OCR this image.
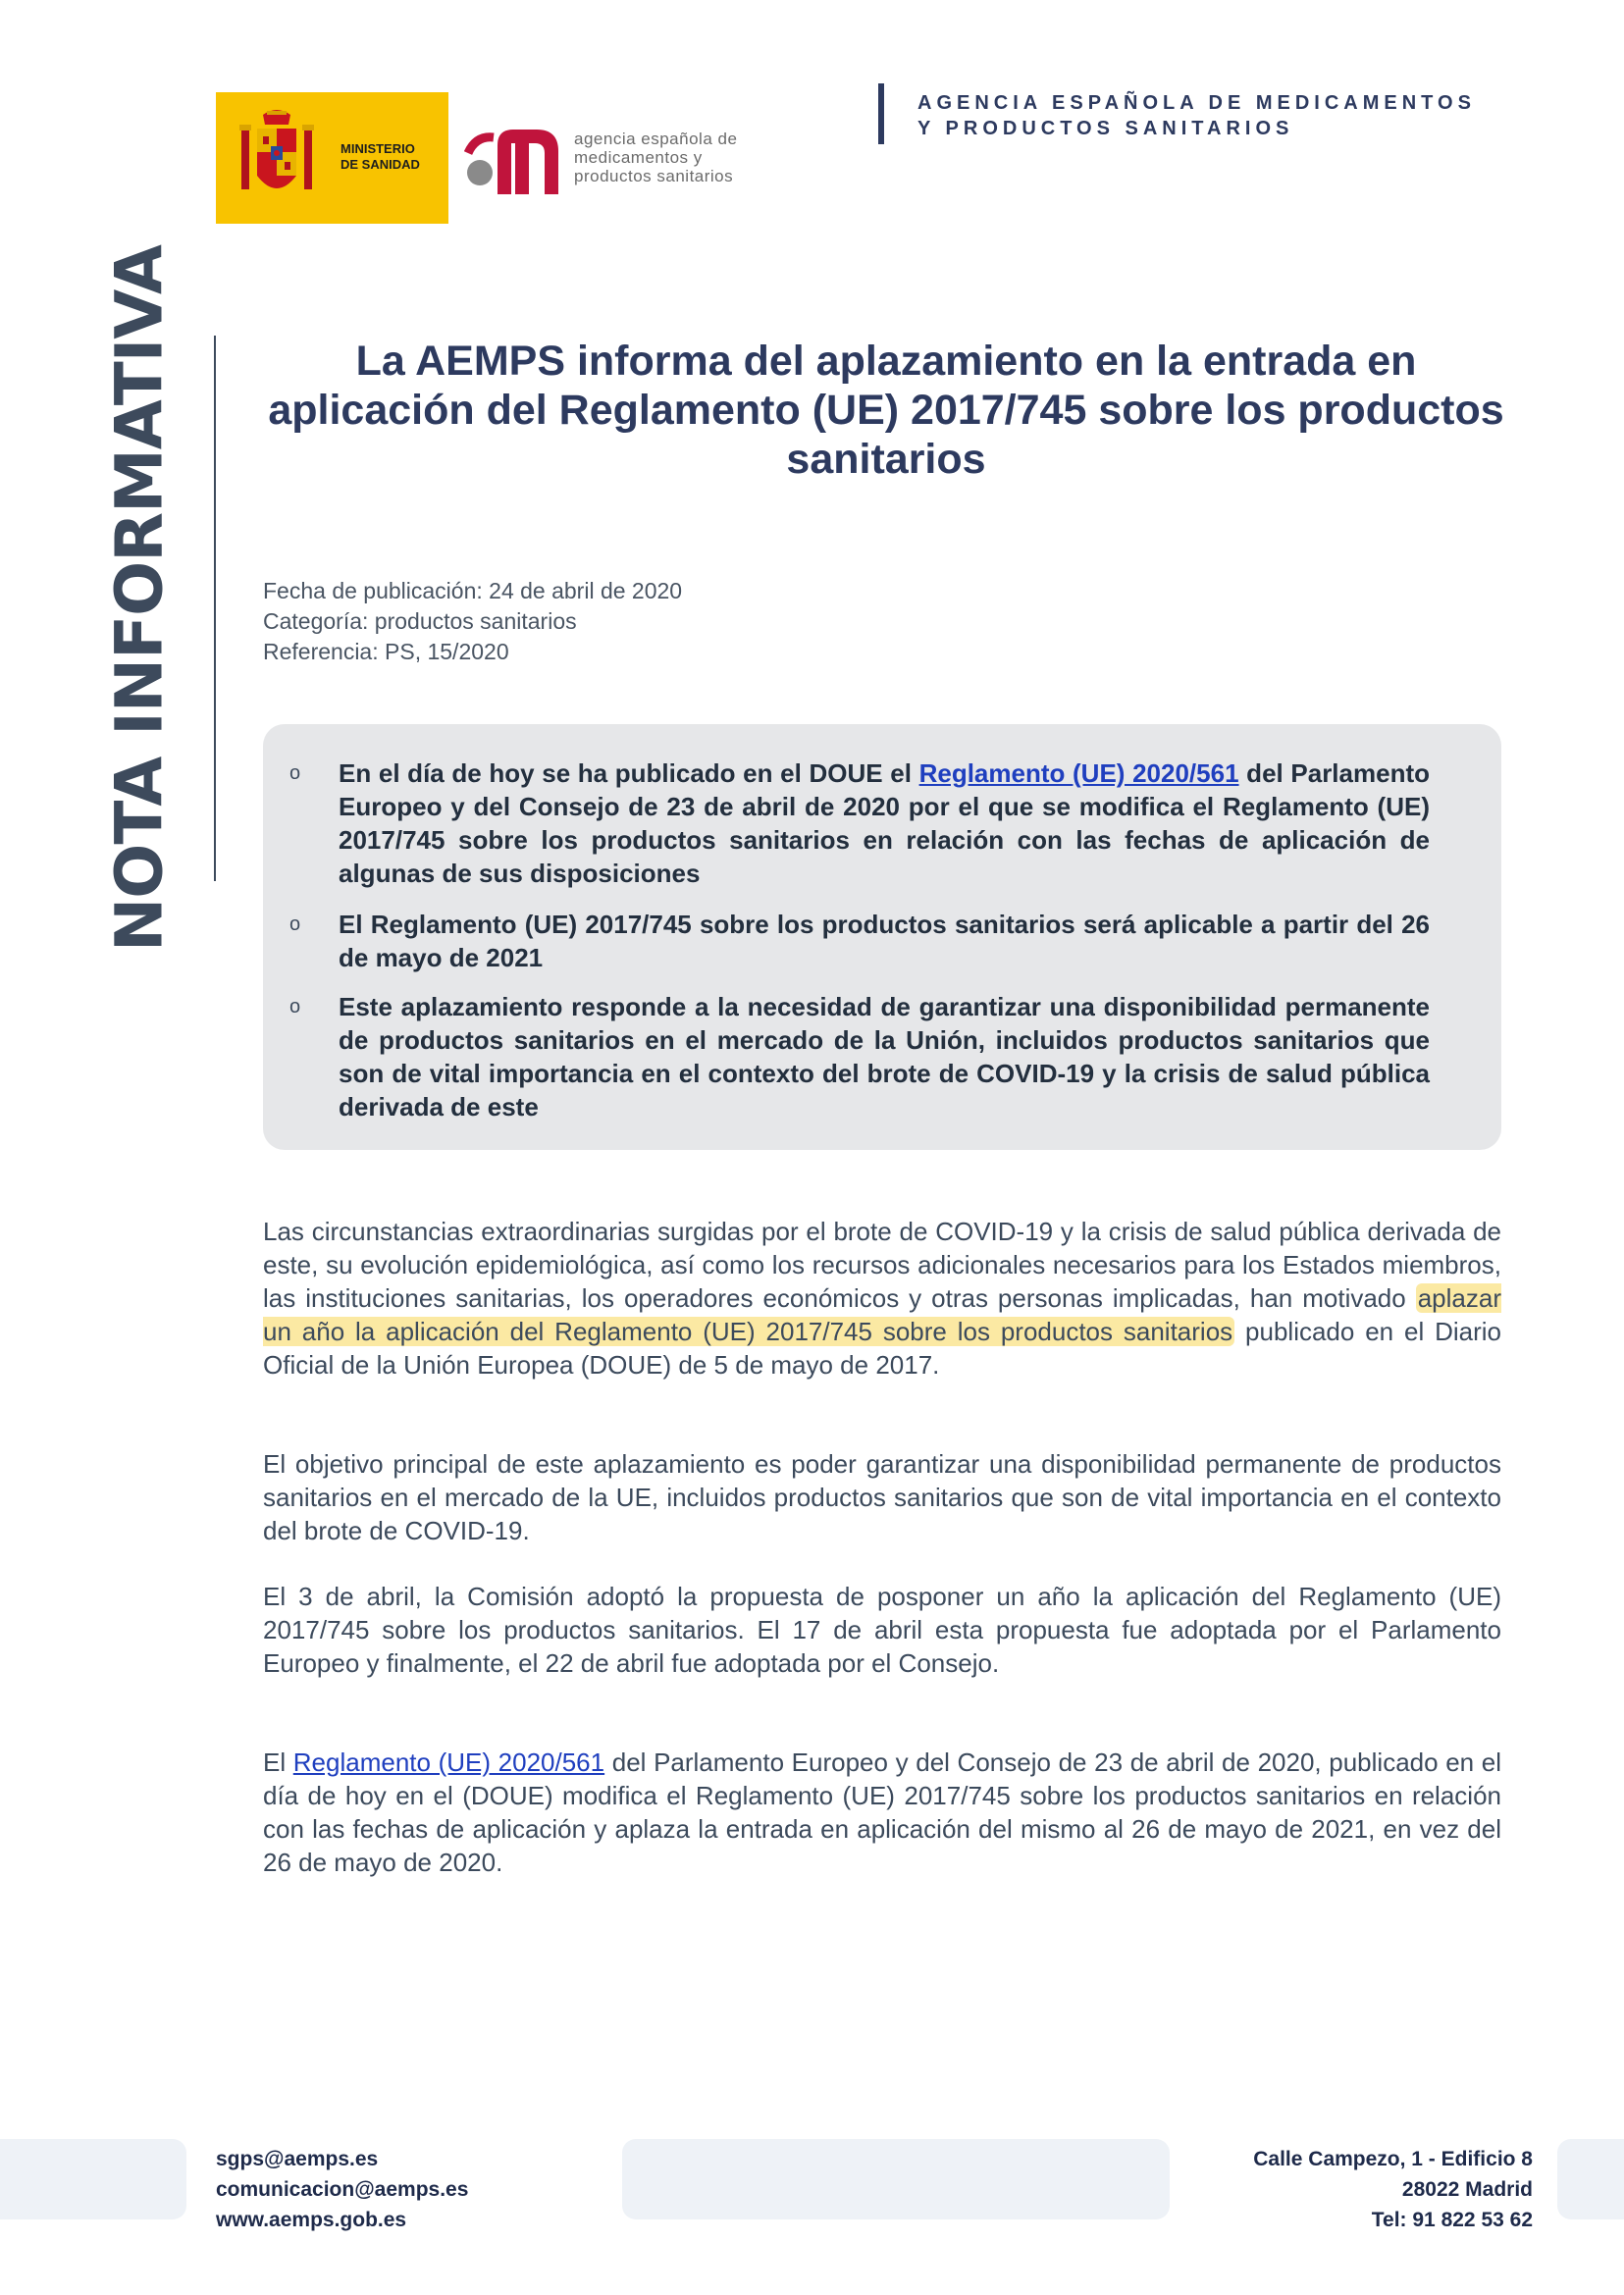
MINISTERIO
DE SANIDAD
agencia española de
medicamentos y
productos sanitarios
AGENCIA ESPAÑOLA DE MEDICAMENTOS
Y PRODUCTOS SANITARIOS
NOTA INFORMATIVA	La AEMPS informa del aplazamiento en la entrada en aplicación del Reglamento (UE) 2017/745 sobre los productos sanitarios
Fecha de publicación: 24 de abril de 2020
Categoría: productos sanitarios
Referencia: PS, 15/2020
o En el día de hoy se ha publicado en el DOUE el Reglamento (UE) 2020/561 del Parlamento Europeo y del Consejo de 23 de abril de 2020 por el que se modifica el Reglamento (UE) 2017/745 sobre los productos sanitarios en relación con las fechas de aplicación de algunas de sus disposiciones
o El Reglamento (UE) 2017/745 sobre los productos sanitarios será aplicable a partir del 26 de mayo de 2021
o Este aplazamiento responde a la necesidad de garantizar una disponibilidad permanente de productos sanitarios en el mercado de la Unión, incluidos productos sanitarios que son de vital importancia en el contexto del brote de COVID-19 y la crisis de salud pública derivada de este
Las circunstancias extraordinarias surgidas por el brote de COVID-19 y la crisis de salud pública derivada de este, su evolución epidemiológica, así como los recursos adicionales necesarios para los Estados miembros, las instituciones sanitarias, los operadores económicos y otras personas implicadas, han motivado aplazar un año la aplicación del Reglamento (UE) 2017/745 sobre los productos sanitarios publicado en el Diario Oficial de la Unión Europea (DOUE) de 5 de mayo de 2017.
El objetivo principal de este aplazamiento es poder garantizar una disponibilidad permanente de productos sanitarios en el mercado de la UE, incluidos productos sanitarios que son de vital importancia en el contexto del brote de COVID-19.
El 3 de abril, la Comisión adoptó la propuesta de posponer un año la aplicación del Reglamento (UE) 2017/745 sobre los productos sanitarios. El 17 de abril esta propuesta fue adoptada por el Parlamento Europeo y finalmente, el 22 de abril fue adoptada por el Consejo.
El Reglamento (UE) 2020/561 del Parlamento Europeo y del Consejo de 23 de abril de 2020, publicado en el día de hoy en el (DOUE) modifica el Reglamento (UE) 2017/745 sobre los productos sanitarios en relación con las fechas de aplicación y aplaza la entrada en aplicación del mismo al 26 de mayo de 2021, en vez del 26 de mayo de 2020.
sgps@aemps.es
comunicacion@aemps.es
www.aemps.gob.es
Calle Campezo, 1 - Edificio 8
28022 Madrid
Tel: 91 822 53 62
